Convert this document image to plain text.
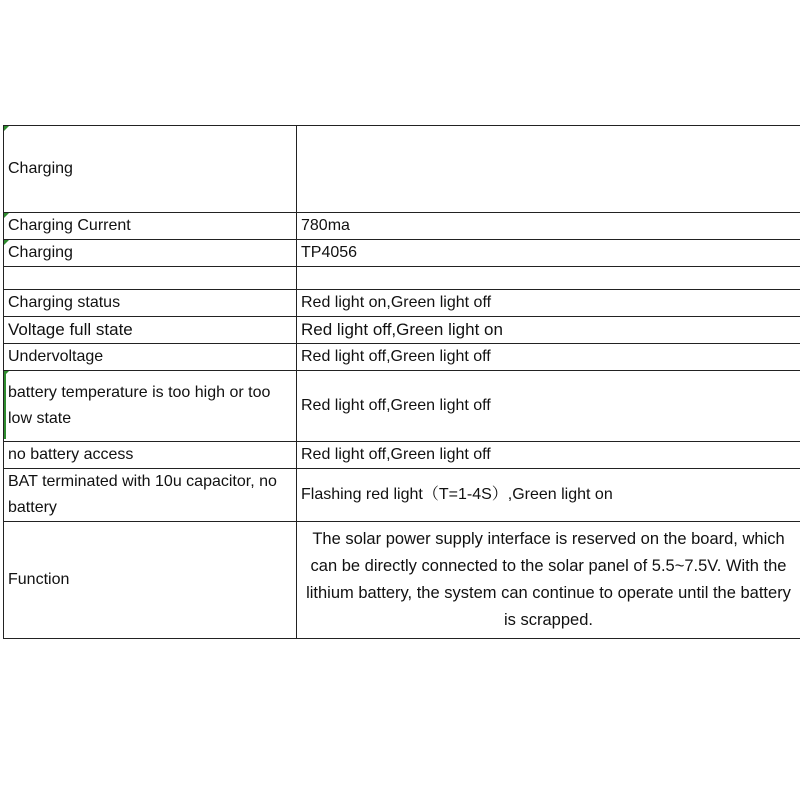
Charging	

Charging Current	780ma

Charging	TP4056

Charging status	Red light on,Green light off
Voltage full state	Red light off,Green light on
Undervoltage	Red light off,Green light off

battery temperature is too high or too low state	Red light off,Green light off
no battery access	Red light off,Green light off
BAT terminated with 10u capacitor, no battery	Flashing red light（T=1-4S）,Green light on
Function	The solar power supply interface is reserved on the board, which can be directly connected to the solar panel of 5.5~7.5V. With the lithium battery, the system can continue to operate until the battery is scrapped.
